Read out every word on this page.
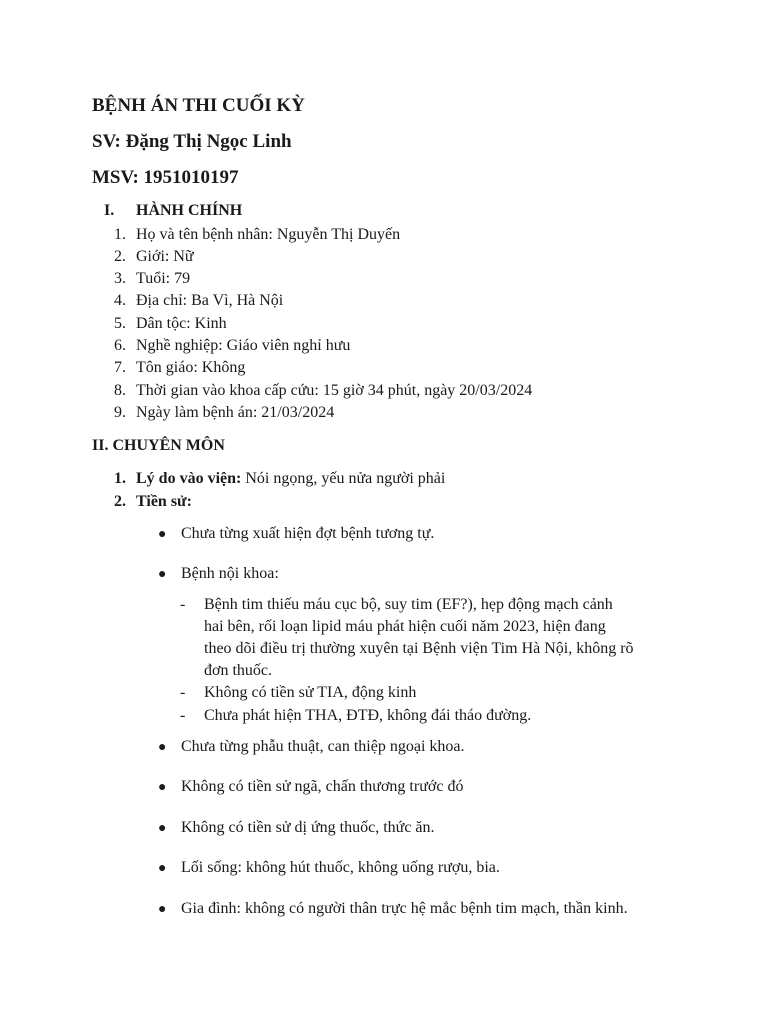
BỆNH ÁN THI CUỐI KỲ
SV: Đặng Thị Ngọc Linh
MSV: 1951010197
I. HÀNH CHÍNH
1. Họ và tên bệnh nhân: Nguyễn Thị Duyến
2. Giới: Nữ
3. Tuổi: 79
4. Địa chỉ: Ba Vì, Hà Nội
5. Dân tộc: Kinh
6. Nghề nghiệp: Giáo viên nghỉ hưu
7. Tôn giáo: Không
8. Thời gian vào khoa cấp cứu: 15 giờ 34 phút, ngày 20/03/2024
9. Ngày làm bệnh án: 21/03/2024
II. CHUYÊN MÔN
1. Lý do vào viện: Nói ngọng, yếu nửa người phải
2. Tiền sử:
● Chưa từng xuất hiện đợt bệnh tương tự.
● Bệnh nội khoa:
- Bệnh tim thiếu máu cục bộ, suy tim (EF?), hẹp động mạch cảnh
hai bên, rối loạn lipid máu phát hiện cuối năm 2023, hiện đang
theo dõi điều trị thường xuyên tại Bệnh viện Tim Hà Nội, không rõ
đơn thuốc.
- Không có tiền sử TIA, động kinh
- Chưa phát hiện THA, ĐTĐ, không đái tháo đường.
● Chưa từng phẫu thuật, can thiệp ngoại khoa.
● Không có tiền sử ngã, chấn thương trước đó
● Không có tiền sử dị ứng thuốc, thức ăn.
● Lối sống: không hút thuốc, không uống rượu, bia.
● Gia đình: không có người thân trực hệ mắc bệnh tim mạch, thần kinh.
